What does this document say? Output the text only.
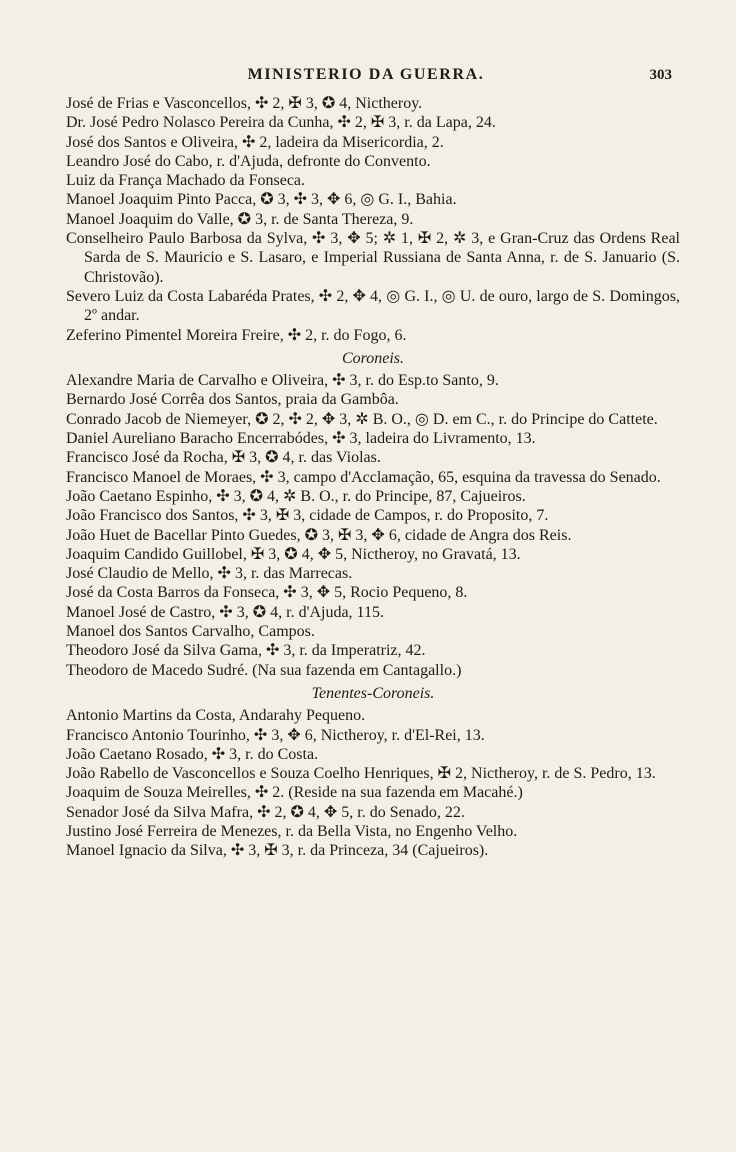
MINISTERIO DA GUERRA.	303
José de Frias e Vasconcellos, ✣ 2, ✠ 3, ✪ 4, Nictheroy.
Dr. José Pedro Nolasco Pereira da Cunha, ✣ 2, ✠ 3, r. da Lapa, 24.
José dos Santos e Oliveira, ✣ 2, ladeira da Misericordia, 2.
Leandro José do Cabo, r. d'Ajuda, defronte do Convento.
Luiz da França Machado da Fonseca.
Manoel Joaquim Pinto Pacca, ✪ 3, ✣ 3, ✥ 6, ◎ G. I., Bahia.
Manoel Joaquim do Valle, ✪ 3, r. de Santa Thereza, 9.
Conselheiro Paulo Barbosa da Sylva, ✣ 3, ✥ 5; ✲ 1, ✠ 2, ✲ 3, e Gran-Cruz das Ordens Real Sarda de S. Mauricio e S. Lasaro, e Imperial Russiana de Santa Anna, r. de S. Januario (S. Christovão).
Severo Luiz da Costa Labaréda Prates, ✣ 2, ✥ 4, ◎ G. I., ◎ U. de ouro, largo de S. Domingos, 2º andar.
Zeferino Pimentel Moreira Freire, ✣ 2, r. do Fogo, 6.
Coroneis.
Alexandre Maria de Carvalho e Oliveira, ✣ 3, r. do Esp.to Santo, 9.
Bernardo José Corrêa dos Santos, praia da Gambôa.
Conrado Jacob de Niemeyer, ✪ 2, ✣ 2, ✥ 3, ✲ B. O., ◎ D. em C., r. do Principe do Cattete.
Daniel Aureliano Baracho Encerrabódes, ✣ 3, ladeira do Livramento, 13.
Francisco José da Rocha, ✠ 3, ✪ 4, r. das Violas.
Francisco Manoel de Moraes, ✣ 3, campo d'Acclamação, 65, esquina da travessa do Senado.
João Caetano Espinho, ✣ 3, ✪ 4, ✲ B. O., r. do Principe, 87, Cajueiros.
João Francisco dos Santos, ✣ 3, ✠ 3, cidade de Campos, r. do Proposito, 7.
João Huet de Bacellar Pinto Guedes, ✪ 3, ✠ 3, ✥ 6, cidade de Angra dos Reis.
Joaquim Candido Guillobel, ✠ 3, ✪ 4, ✥ 5, Nictheroy, no Gravatá, 13.
José Claudio de Mello, ✣ 3, r. das Marrecas.
José da Costa Barros da Fonseca, ✣ 3, ✥ 5, Rocio Pequeno, 8.
Manoel José de Castro, ✣ 3, ✪ 4, r. d'Ajuda, 115.
Manoel dos Santos Carvalho, Campos.
Theodoro José da Silva Gama, ✣ 3, r. da Imperatriz, 42.
Theodoro de Macedo Sudré. (Na sua fazenda em Cantagallo.)
Tenentes-Coroneis.
Antonio Martins da Costa, Andarahy Pequeno.
Francisco Antonio Tourinho, ✣ 3, ✥ 6, Nictheroy, r. d'El-Rei, 13.
João Caetano Rosado, ✣ 3, r. do Costa.
João Rabello de Vasconcellos e Souza Coelho Henriques, ✠ 2, Nictheroy, r. de S. Pedro, 13.
Joaquim de Souza Meirelles, ✣ 2. (Reside na sua fazenda em Macahé.)
Senador José da Silva Mafra, ✣ 2, ✪ 4, ✥ 5, r. do Senado, 22.
Justino José Ferreira de Menezes, r. da Bella Vista, no Engenho Velho.
Manoel Ignacio da Silva, ✣ 3, ✠ 3, r. da Princeza, 34 (Cajueiros).
